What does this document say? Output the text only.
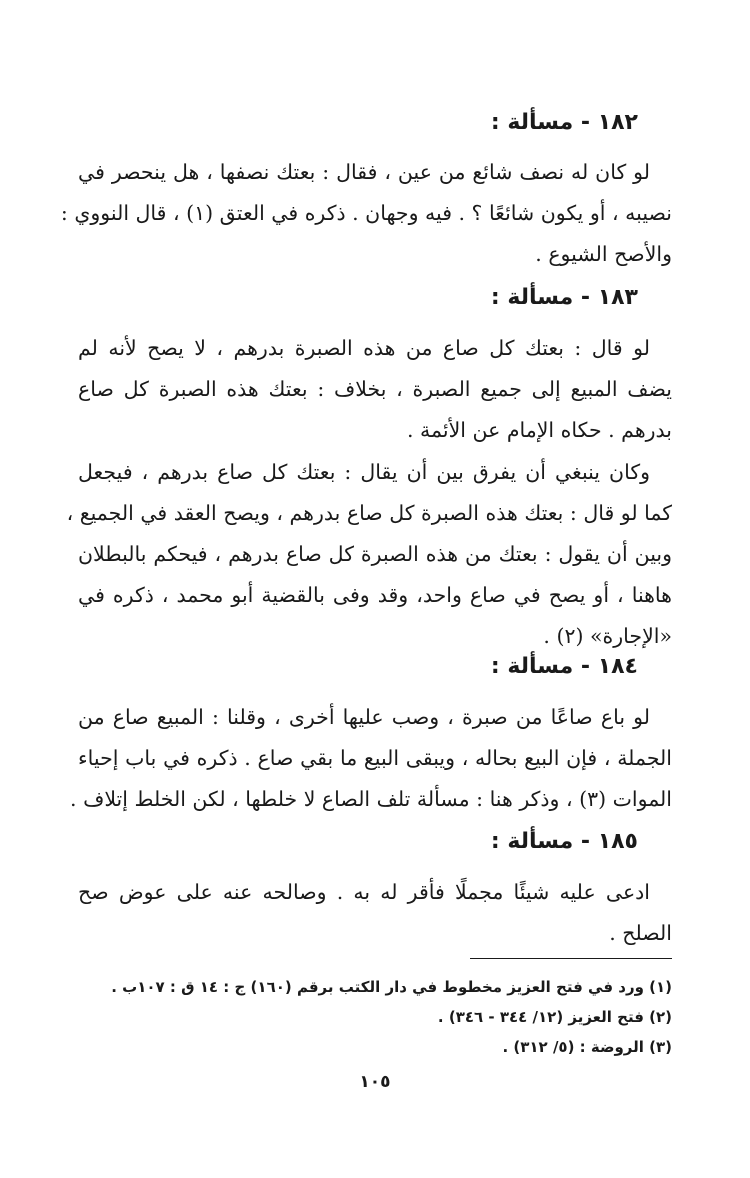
١٨٢ - مسألة :
لو كان له نصف شائع من عين ، فقال : بعتك نصفها ، هل ينحصر في
نصيبه ، أو يكون شائعًا ؟ . فيه وجهان . ذكره في العتق (١) ، قال النووي :
والأصح الشيوع .
١٨٣ - مسألة :
لو قال : بعتك كل صاع من هذه الصبرة بدرهم ، لا يصح لأنه لم
يضف المبيع إلى جميع الصبرة ، بخلاف : بعتك هذه الصبرة كل صاع
بدرهم . حكاه الإمام عن الأئمة .
وكان ينبغي أن يفرق بين أن يقال : بعتك كل صاع بدرهم ، فيجعل
كما لو قال : بعتك هذه الصبرة كل صاع بدرهم ، ويصح العقد في الجميع ،
وبين أن يقول : بعتك من هذه الصبرة كل صاع بدرهم ، فيحكم بالبطلان
هاهنا ، أو يصح في صاع واحد، وقد وفى بالقضية أبو محمد ، ذكره في
«الإجارة» (٢) .
١٨٤ - مسألة :
لو باع صاعًا من صبرة ، وصب عليها أخرى ، وقلنا : المبيع صاع من
الجملة ، فإن البيع بحاله ، ويبقى البيع ما بقي صاع . ذكره في باب إحياء
الموات (٣) ، وذكر هنا : مسألة تلف الصاع لا خلطها ، لكن الخلط إتلاف .
١٨٥ - مسألة :
ادعى عليه شيئًا مجملًا فأقر له به . وصالحه عنه على عوض صح
الصلح .
(١) ورد في فتح العزيز مخطوط في دار الكتب برقم (١٦٠) ج : ١٤ ق : ١٠٧ب .
(٢) فتح العزيز (١٢/ ٣٤٤ - ٣٤٦) .
(٣) الروضة : (٥/ ٣١٢) .
١٠٥
